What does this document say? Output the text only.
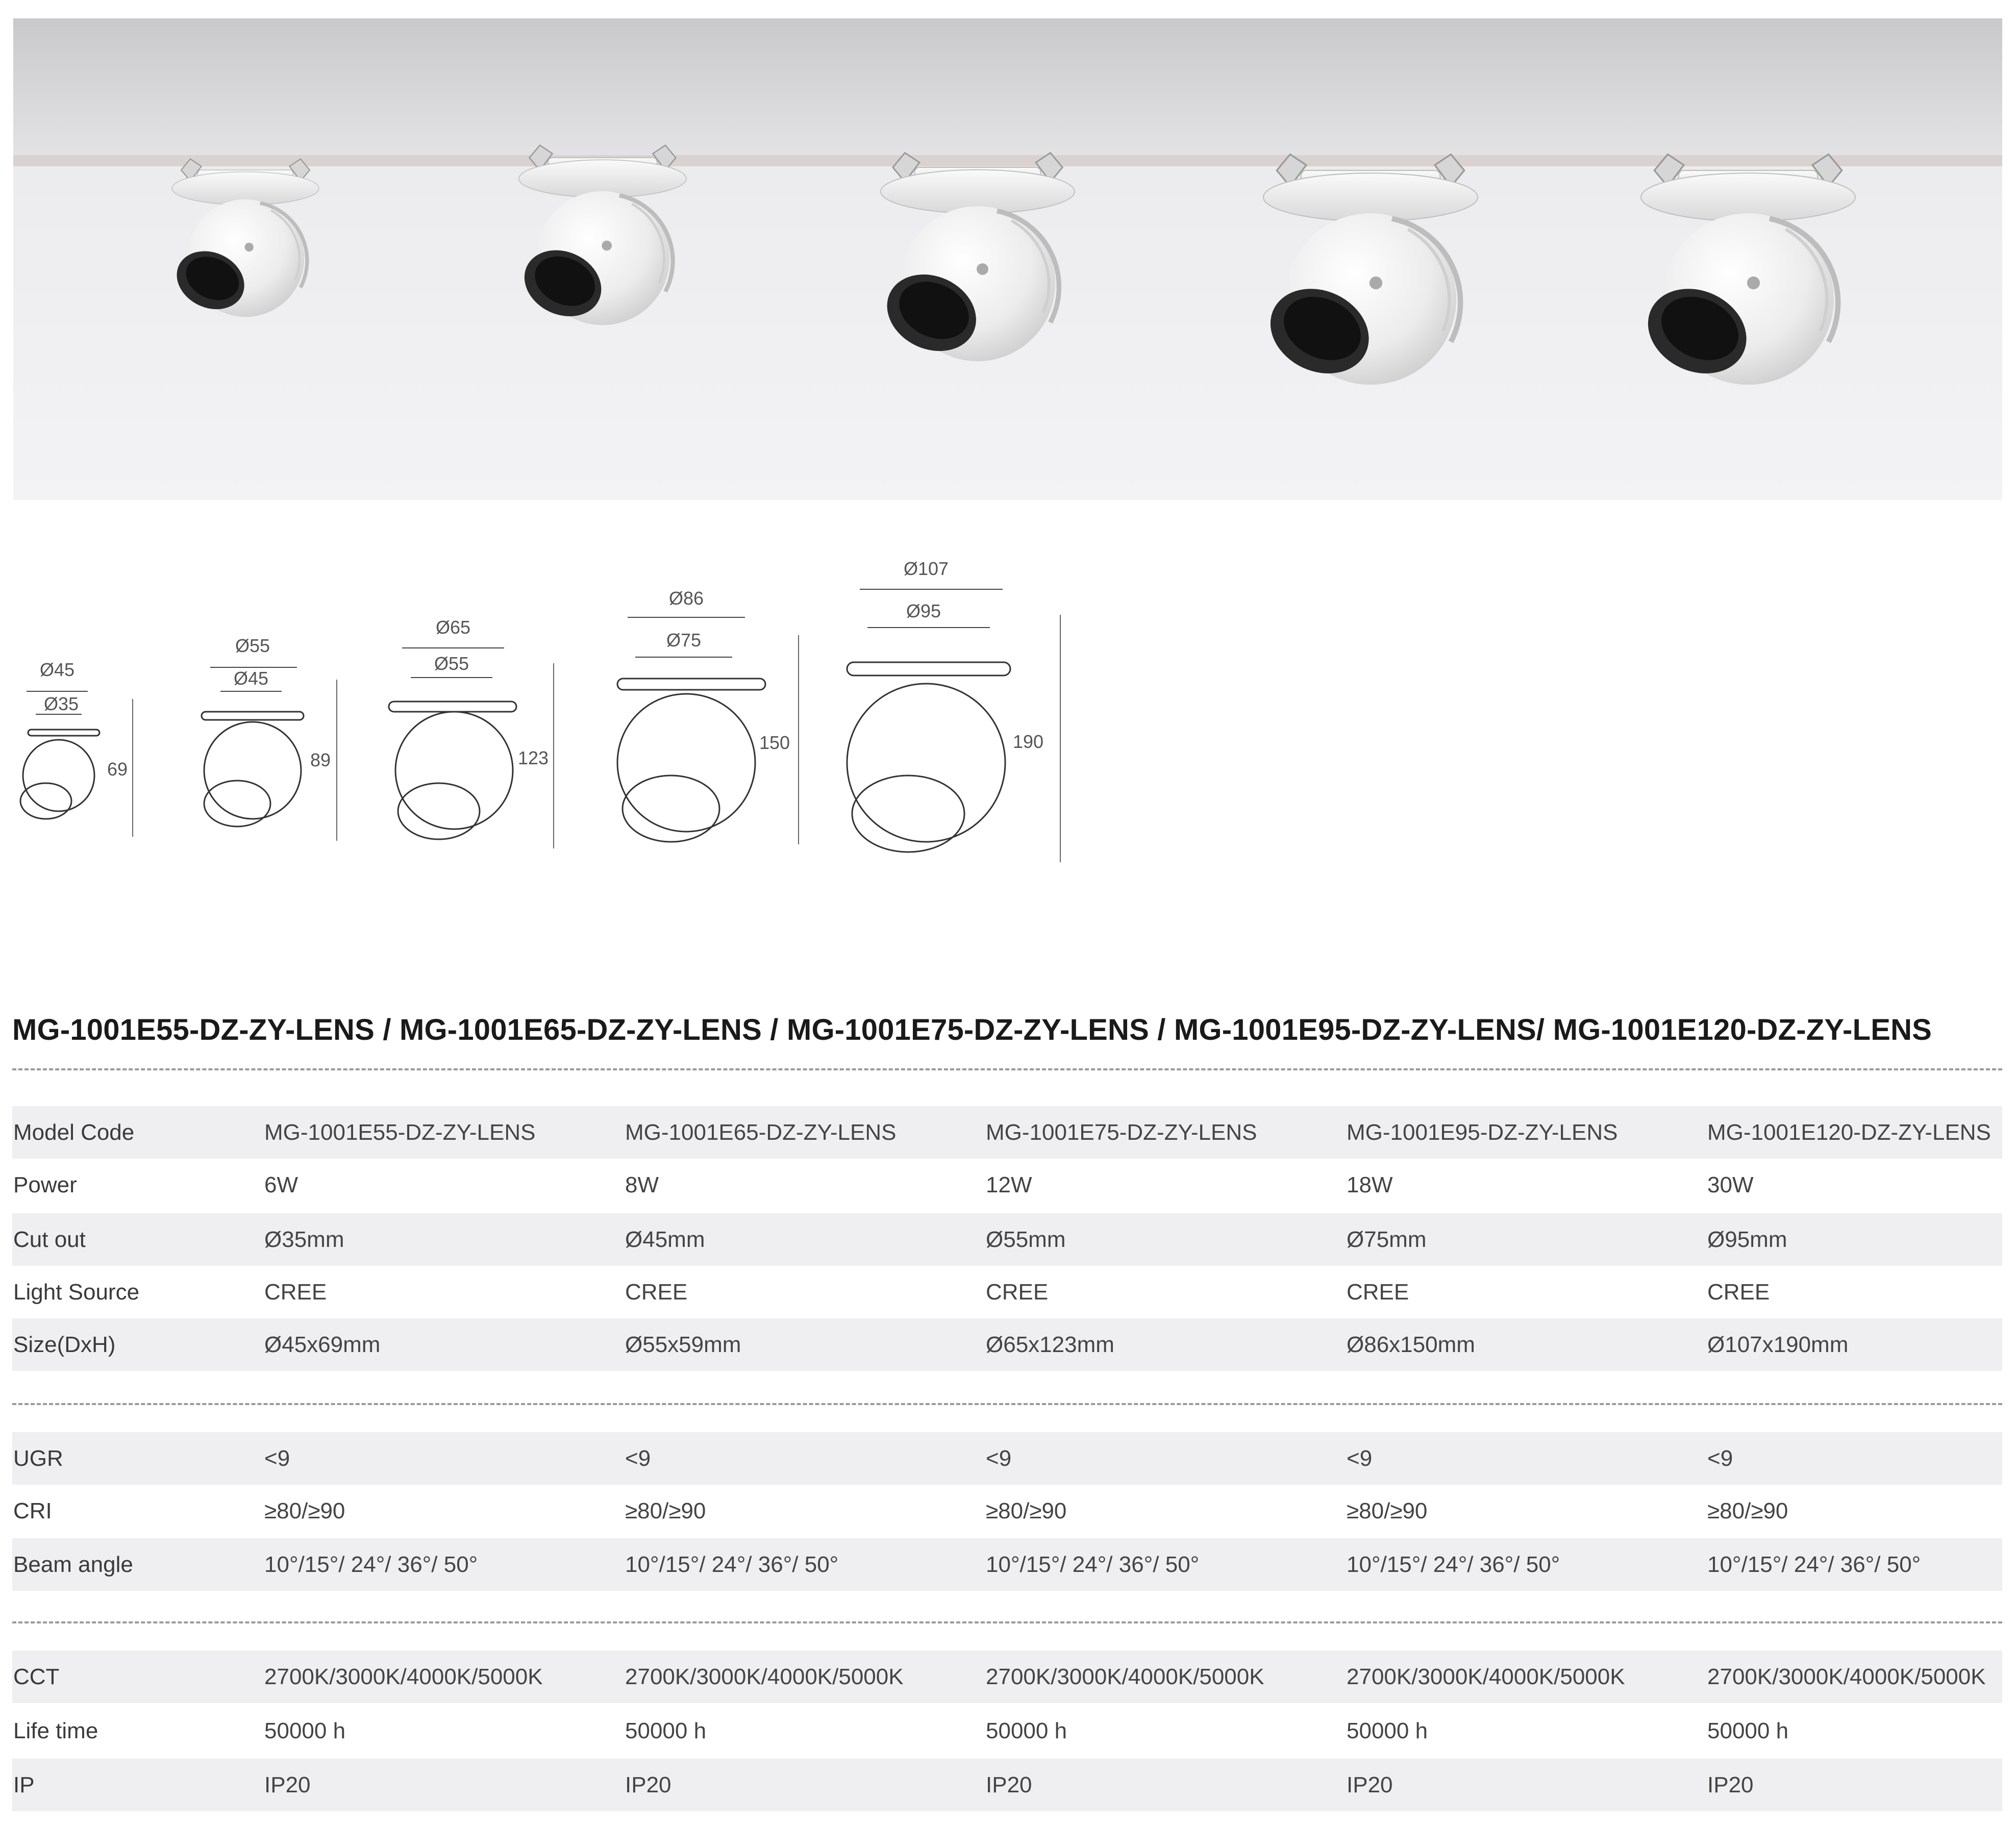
Ø45
Ø35
69
Ø55
Ø45
89
Ø65
Ø55
123
Ø86
Ø75
150
Ø107
Ø95
190
MG-1001E55-DZ-ZY-LENS / MG-1001E65-DZ-ZY-LENS / MG-1001E75-DZ-ZY-LENS / MG-1001E95-DZ-ZY-LENS/ MG-1001E120-DZ-ZY-LENS
Model Code	MG-1001E55-DZ-ZY-LENS	MG-1001E65-DZ-ZY-LENS	MG-1001E75-DZ-ZY-LENS	MG-1001E95-DZ-ZY-LENS	MG-1001E120-DZ-ZY-LENS
Power	6W	8W	12W	18W	30W
Cut out	Ø35mm	Ø45mm	Ø55mm	Ø75mm	Ø95mm
Light Source	CREE	CREE	CREE	CREE	CREE
Size(DxH)	Ø45x69mm	Ø55x59mm	Ø65x123mm	Ø86x150mm	Ø107x190mm
UGR	<9	<9	<9	<9	<9
CRI	≥80/≥90	≥80/≥90	≥80/≥90	≥80/≥90	≥80/≥90
Beam angle	10°/15°/ 24°/ 36°/ 50°	10°/15°/ 24°/ 36°/ 50°	10°/15°/ 24°/ 36°/ 50°	10°/15°/ 24°/ 36°/ 50°	10°/15°/ 24°/ 36°/ 50°
CCT	2700K/3000K/4000K/5000K	2700K/3000K/4000K/5000K	2700K/3000K/4000K/5000K	2700K/3000K/4000K/5000K	2700K/3000K/4000K/5000K
Life time	50000 h	50000 h	50000 h	50000 h	50000 h
IP	IP20	IP20	IP20	IP20	IP20
